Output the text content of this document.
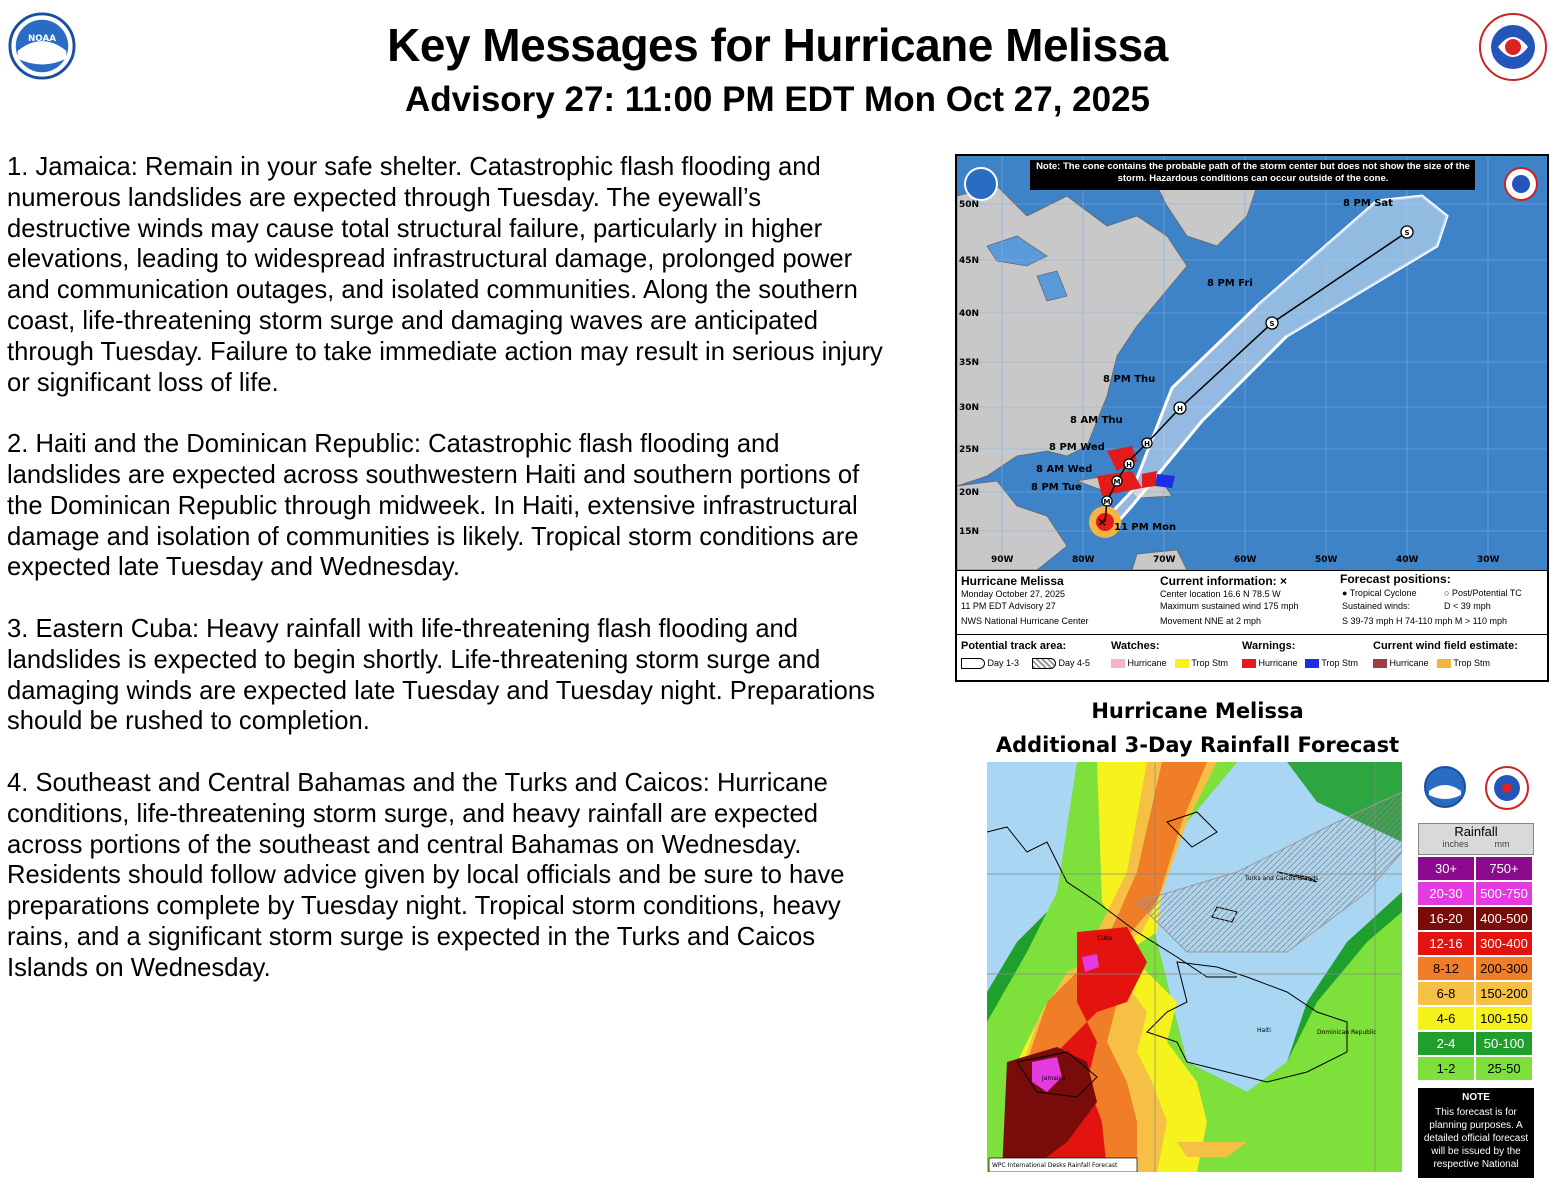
NOAA	Key Messages for Hurricane Melissa
Advisory 27: 11:00 PM EDT Mon Oct 27, 2025

1. Jamaica: Remain in your safe shelter. Catastrophic flash flooding and numerous landslides are expected through Tuesday. The eyewall’s destructive winds may cause total structural failure, particularly in higher elevations, leading to widespread infrastructural damage, prolonged power and communication outages, and isolated communities. Along the southern coast, life-threatening storm surge and damaging waves are anticipated through Tuesday. Failure to take immediate action may result in serious injury or significant loss of life.

2. Haiti and the Dominican Republic: Catastrophic flash flooding and landslides are expected across southwestern Haiti and southern portions of the Dominican Republic through midweek. In Haiti, extensive infrastructural damage and isolation of communities is likely. Tropical storm conditions are expected late Tuesday and Wednesday.

3. Eastern Cuba: Heavy rainfall with life-threatening flash flooding and landslides is expected to begin shortly. Life-threatening storm surge and damaging winds are expected late Tuesday and Tuesday night. Preparations should be rushed to completion.

4. Southeast and Central Bahamas and the Turks and Caicos: Hurricane conditions, life-threatening storm surge, and heavy rainfall are expected across portions of the southeast and central Bahamas on Wednesday. Residents should follow advice given by local officials and be sure to have preparations complete by Tuesday night. Tropical storm conditions, heavy rains, and a significant storm surge is expected in the Turks and Caicos Islands on Wednesday.

M
M
H
H
H
S
S
×
Note: The cone contains the probable path of the storm center but does not show the size of the storm. Hazardous conditions can occur outside of the cone.
50N
45N
40N
35N
30N
25N
20N
15N
90W	80W	70W	60W	50W	40W	30W
8 PM Sat
8 PM Fri
8 PM Thu
8 AM Thu
8 PM Wed
8 AM Wed
8 PM Tue
11 PM Mon
Hurricane Melissa
Monday October 27, 2025
11 PM EDT Advisory 27
NWS National Hurricane Center
Current information: ×
Center location 16.6 N 78.5 W
Maximum sustained wind 175 mph
Movement NNE at 2 mph
Forecast positions:
● Tropical Cyclone	○ Post/Potential TC
Sustained winds:	D < 39 mph
S 39-73 mph H 74-110 mph M > 110 mph
Potential track area:
Day 1-3	Day 4-5
Watches:
Hurricane	Trop Stm
Warnings:
Hurricane	Trop Stm
Current wind field estimate:
Hurricane	Trop Stm
Hurricane Melissa
Additional 3-Day Rainfall Forecast
Turks and Caicos Islands
Cuba
Haiti	Dominican Republic
Jamaica
WPC International Desks Rainfall Forecast
Rainfall
inches	mm
30+	750+
20-30	500-750
16-20	400-500
12-16	300-400
8-12	200-300
6-8	150-200
4-6	100-150
2-4	50-100
1-2	25-50
NOTE
This forecast is for planning purposes. A detailed official forecast will be issued by the respective National
